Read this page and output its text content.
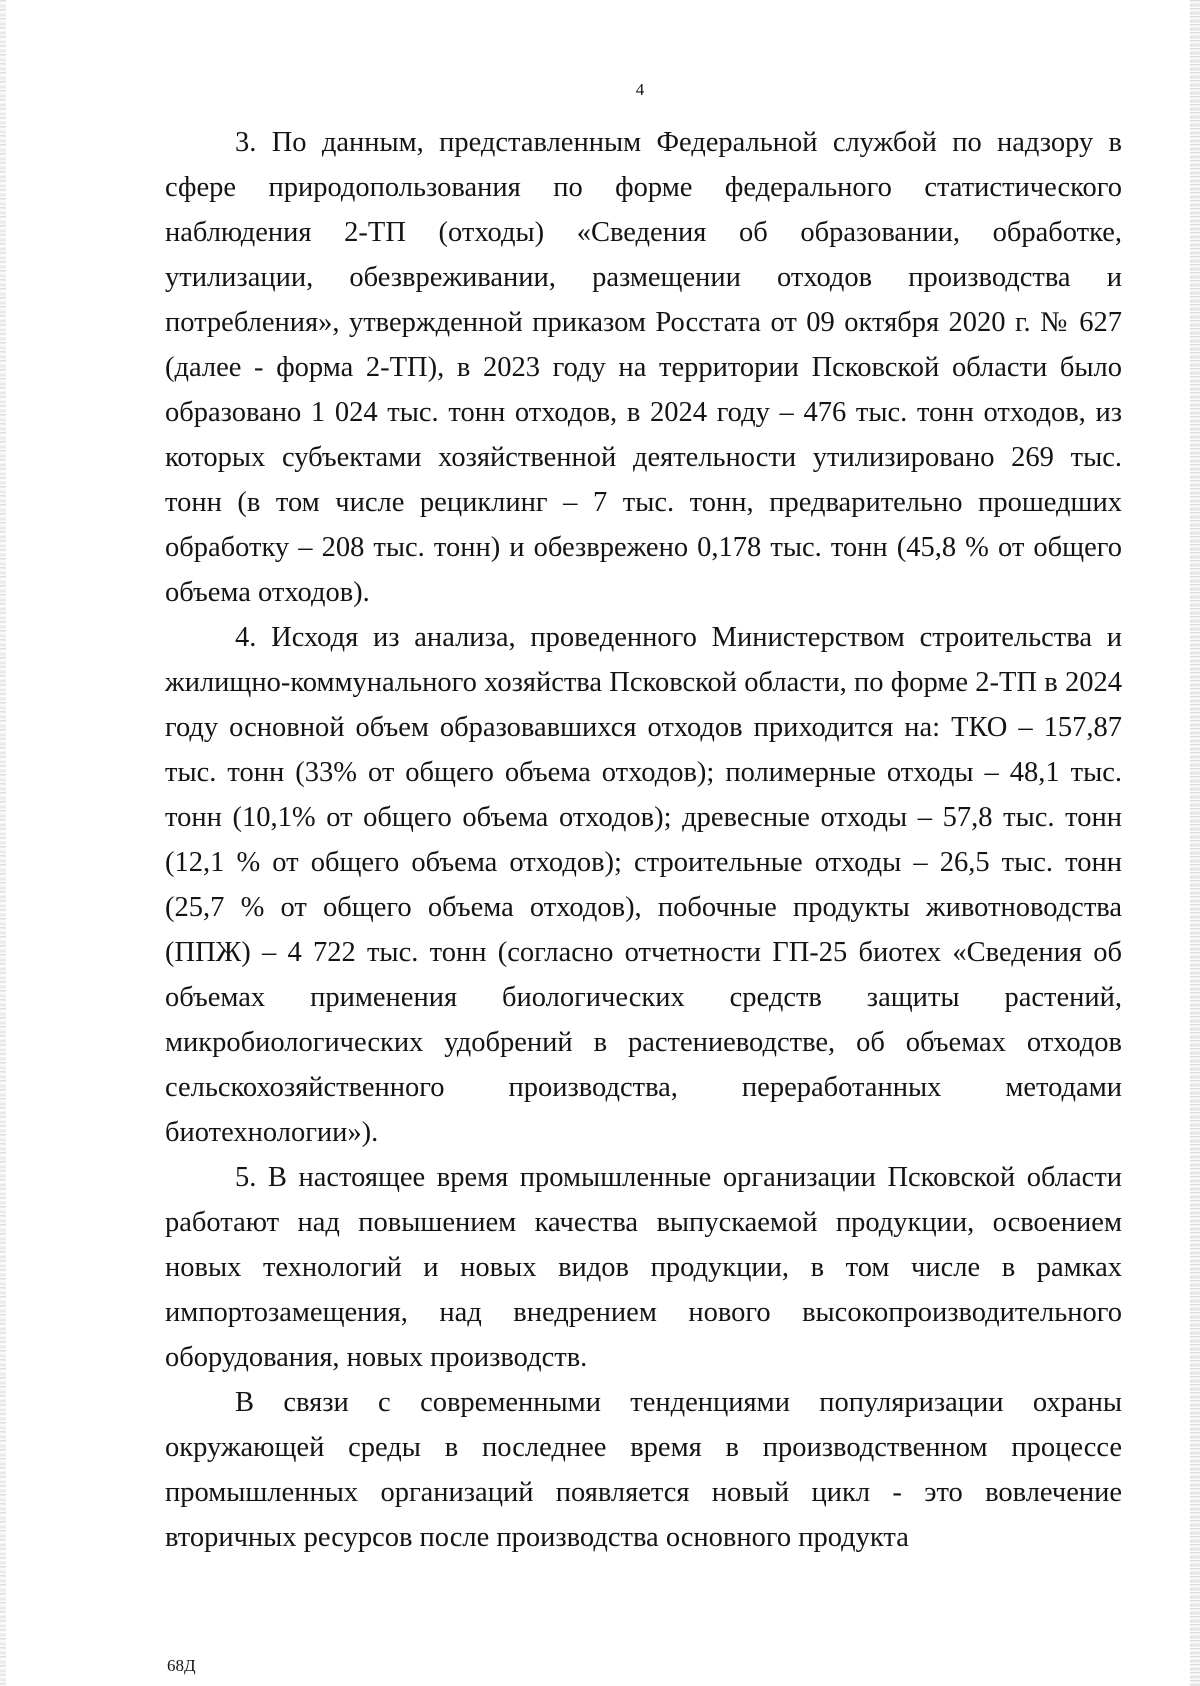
4

3. По данным, представленным Федеральной службой по надзору в сфере природопользования по форме федерального статистического наблюдения 2-ТП (отходы) «Сведения об образовании, обработке, утилизации, обезвреживании, размещении отходов производства и потребления», утвержденной приказом Росстата от 09 октября 2020 г. № 627 (далее - форма 2-ТП), в 2023 году на территории Псковской области было образовано 1 024 тыс. тонн отходов, в 2024 году – 476 тыс. тонн отходов, из которых субъектами хозяйственной деятельности утилизировано 269 тыс. тонн (в том числе рециклинг – 7 тыс. тонн, предварительно прошедших обработку – 208 тыс. тонн) и обезврежено 0,178 тыс. тонн (45,8 % от общего объема отходов).

4. Исходя из анализа, проведенного Министерством строительства и жилищно-коммунального хозяйства Псковской области, по форме 2-ТП в 2024 году основной объем образовавшихся отходов приходится на: ТКО – 157,87 тыс. тонн (33% от общего объема отходов); полимерные отходы – 48,1 тыс. тонн (10,1% от общего объема отходов); древесные отходы – 57,8 тыс. тонн (12,1 % от общего объема отходов); строительные отходы – 26,5 тыс. тонн (25,7 % от общего объема отходов), побочные продукты животноводства (ППЖ) – 4 722 тыс. тонн (согласно отчетности ГП-25 биотех «Сведения об объемах применения биологических средств защиты растений, микробиологических удобрений в растениеводстве, об объемах отходов сельскохозяйственного производства, переработанных методами биотехнологии»).

5. В настоящее время промышленные организации Псковской области работают над повышением качества выпускаемой продукции, освоением новых технологий и новых видов продукции, в том числе в рамках импортозамещения, над внедрением нового высокопроизводительного оборудования, новых производств.

В связи с современными тенденциями популяризации охраны окружающей среды в последнее время в производственном процессе промышленных организаций появляется новый цикл - это вовлечение вторичных ресурсов после производства основного продукта

68Д
